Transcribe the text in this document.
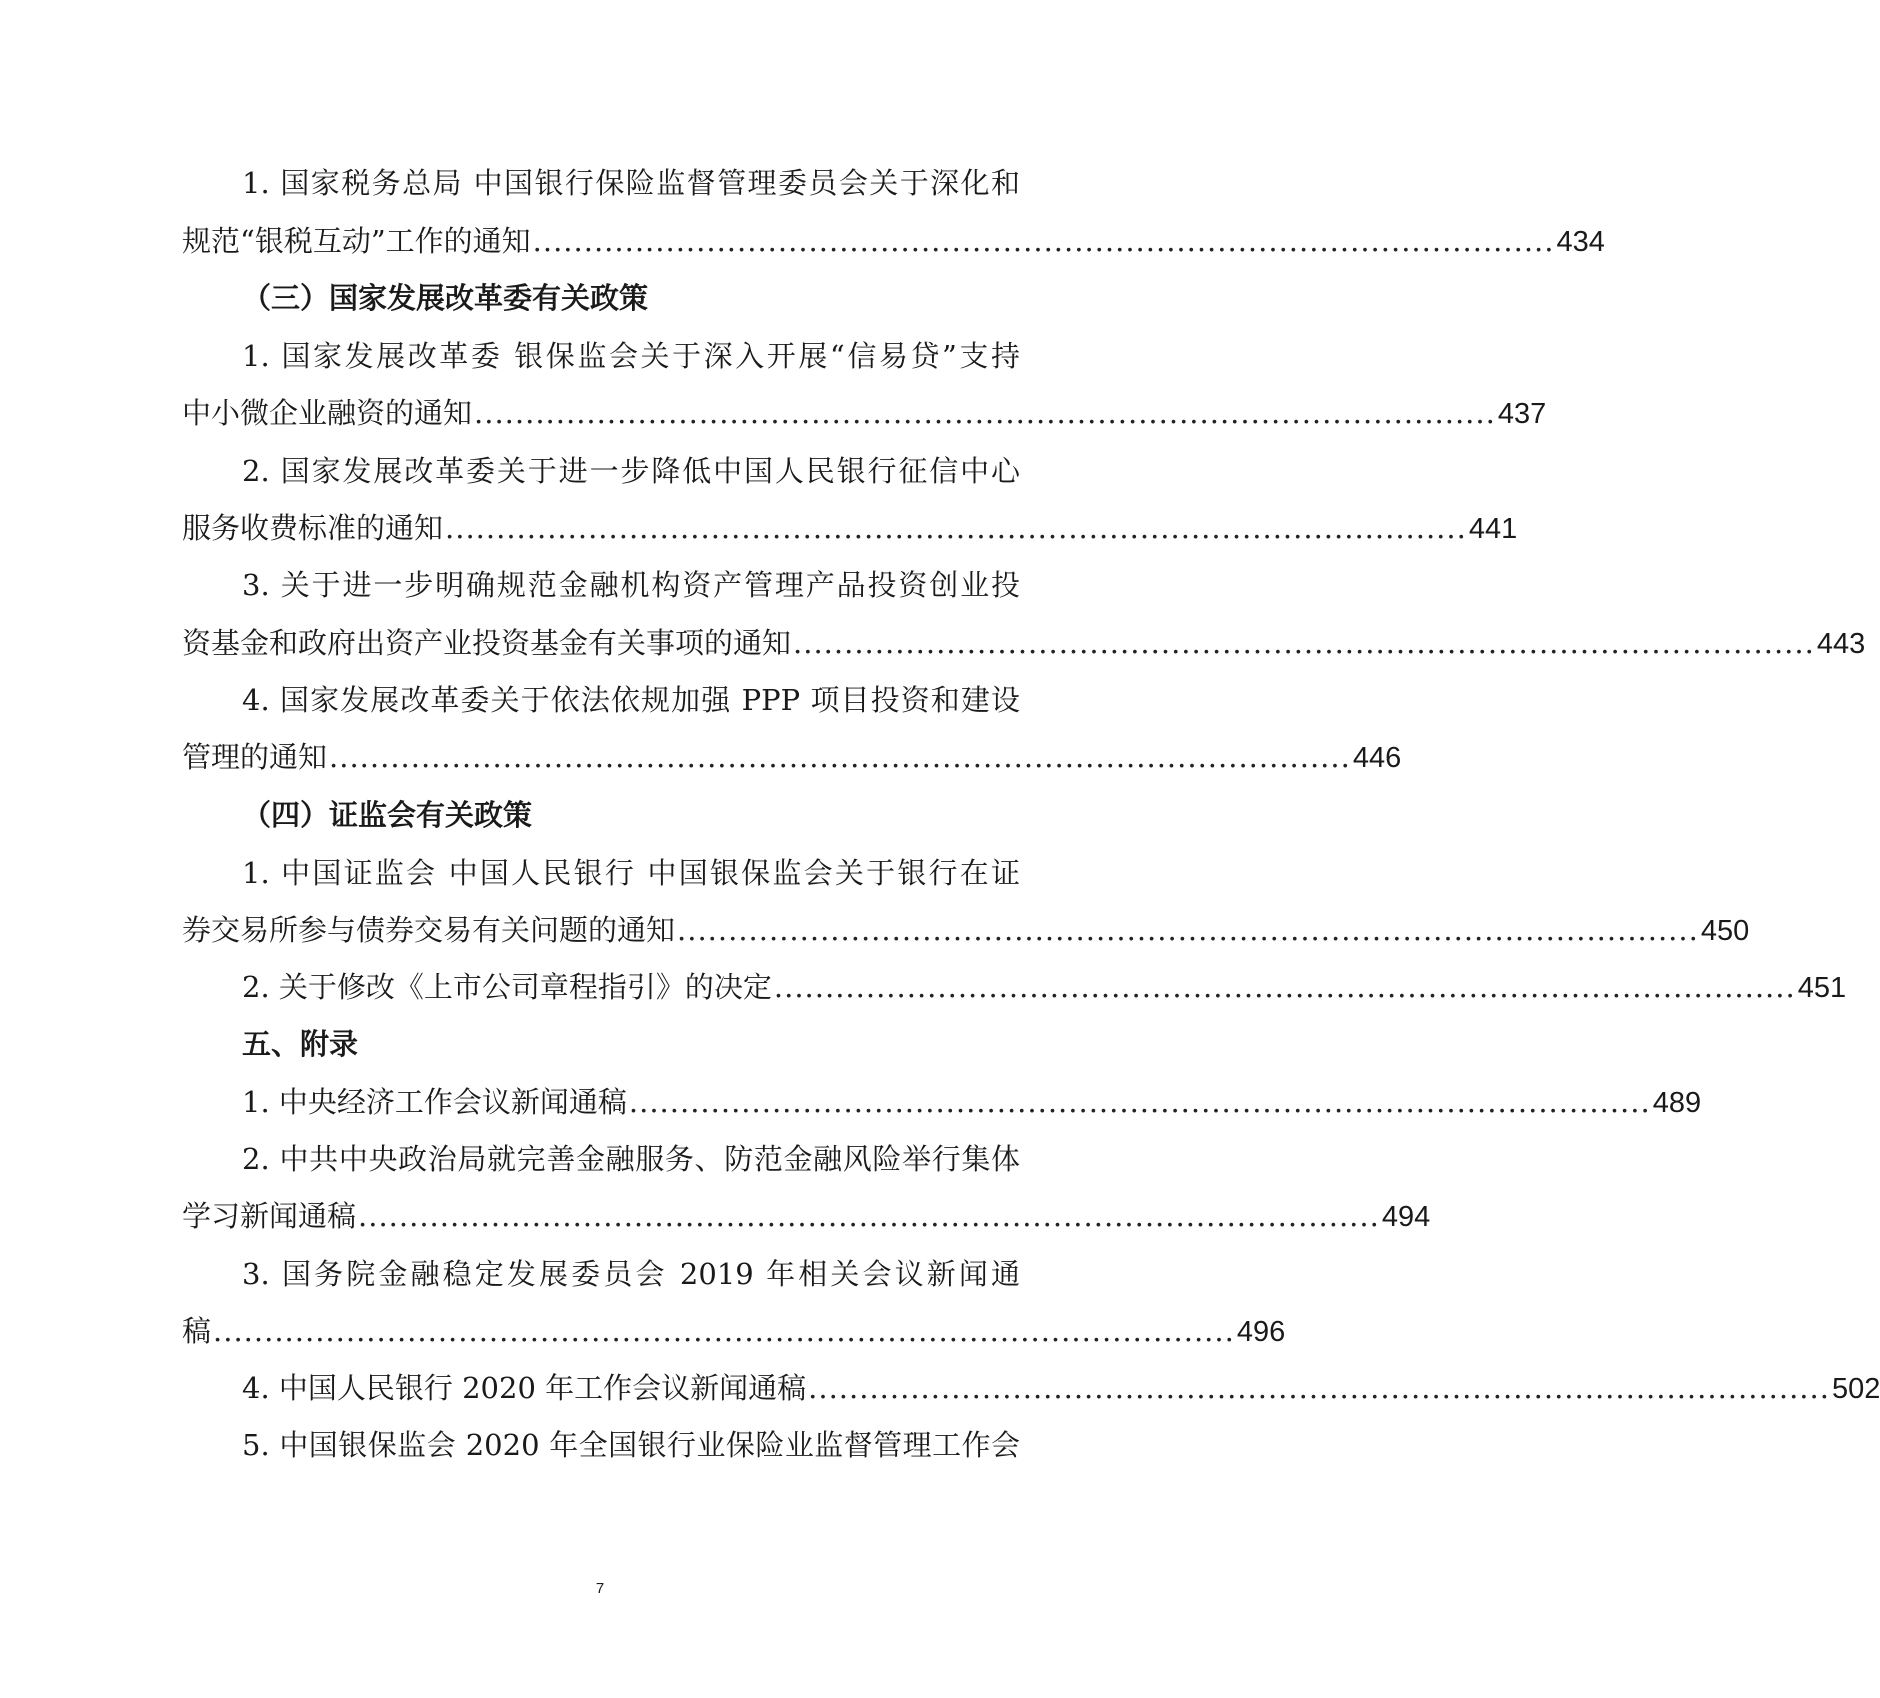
1. 国家税务总局 中国银行保险监督管理委员会关于深化和
规范“银税互动”工作的通知 .................................................................................................... 434
（三）国家发展改革委有关政策
1. 国家发展改革委 银保监会关于深入开展“信易贷”支持
中小微企业融资的通知 .................................................................................................... 437
2. 国家发展改革委关于进一步降低中国人民银行征信中心
服务收费标准的通知 .................................................................................................... 441
3. 关于进一步明确规范金融机构资产管理产品投资创业投
资基金和政府出资产业投资基金有关事项的通知 .................................................................................................... 443
4. 国家发展改革委关于依法依规加强 PPP 项目投资和建设
管理的通知 .................................................................................................... 446
（四）证监会有关政策
1. 中国证监会 中国人民银行 中国银保监会关于银行在证
券交易所参与债券交易有关问题的通知 .................................................................................................... 450
2. 关于修改《上市公司章程指引》的决定 .................................................................................................... 451
五、附录
1. 中央经济工作会议新闻通稿 .................................................................................................... 489
2. 中共中央政治局就完善金融服务、防范金融风险举行集体
学习新闻通稿 .................................................................................................... 494
3. 国务院金融稳定发展委员会 2019 年相关会议新闻通
稿 .................................................................................................... 496
4. 中国人民银行 2020 年工作会议新闻通稿 .................................................................................................... 502
5. 中国银保监会 2020 年全国银行业保险业监督管理工作会
7
